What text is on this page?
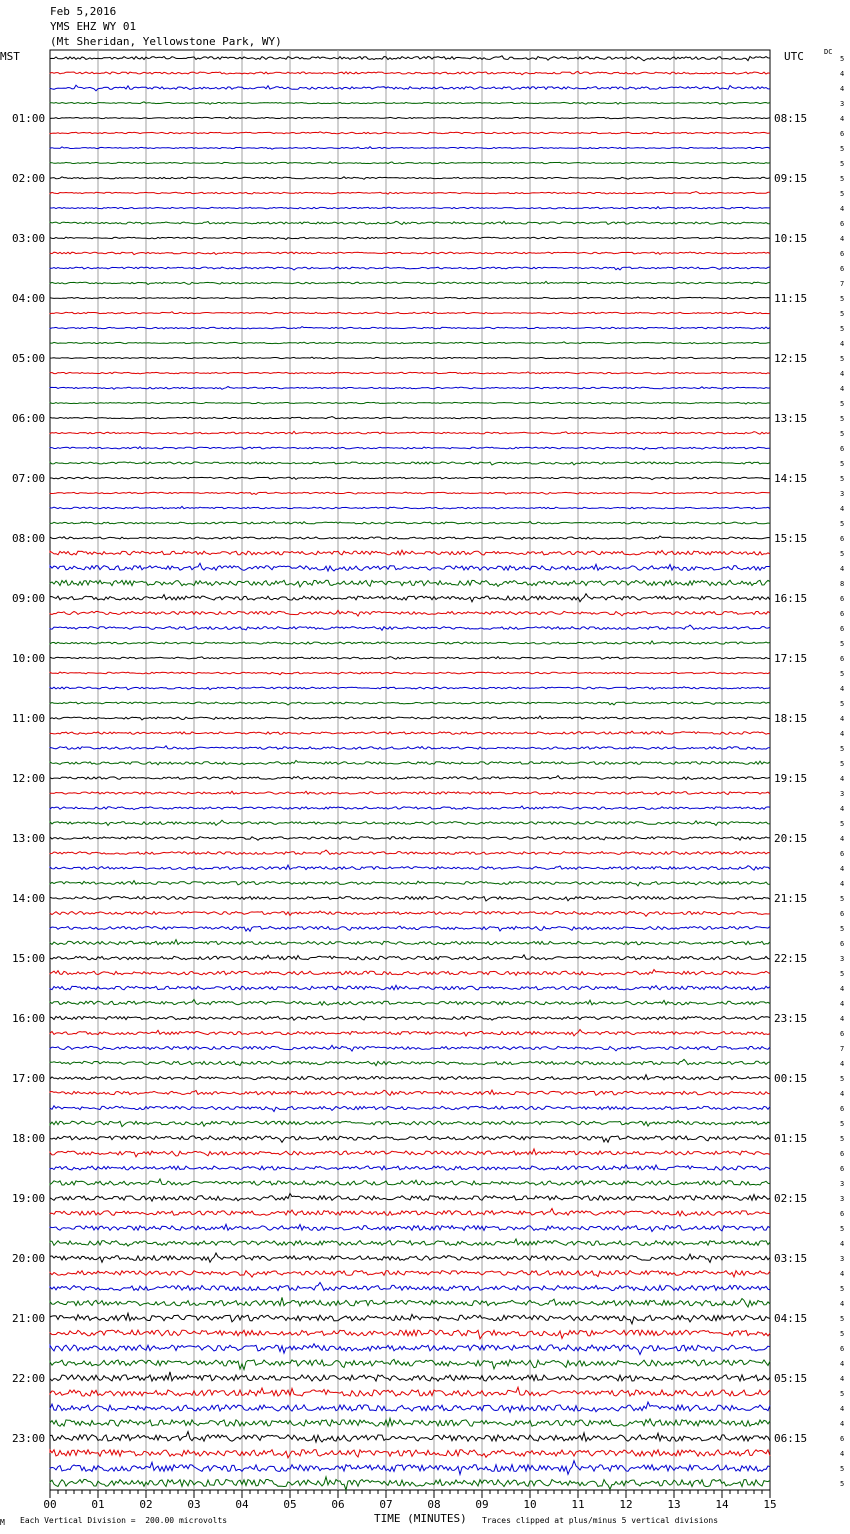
Feb 5,2016
YMS EHZ WY 01
(Mt Sheridan, Yellowstone Park, WY)
MST	UTC	DC
00	01	02	03	04	05	06	07	08	09	10	11	12	13	14	15
5
4
4
3
4
6
5
5
5
5
4
6
4
6
6
7
5
5
5
4
5
4
4
5
5
5
6
5
5
3
4
5
6
5
4
8
6
6
6
5
6
5
4
5
4
4
5
5
4
3
4
5
4
6
4
4
5
6
5
6
3
5
4
4
4
6
7
4
5
4
6
5
5
6
6
3
3
6
5
4
3
4
5
4
5
5
6
4
4
5
4
4
6
4
5
5
01:00	08:15
02:00	09:15
03:00	10:15
04:00	11:15
05:00	12:15
06:00	13:15
07:00	14:15
08:00	15:15
09:00	16:15
10:00	17:15
11:00	18:15
12:00	19:15
13:00	20:15
14:00	21:15
15:00	22:15
16:00	23:15
17:00	00:15
18:00	01:15
19:00	02:15
20:00	03:15
21:00	04:15
22:00	05:15
23:00	06:15
M Each Vertical Division =  200.00 microvolts	TIME (MINUTES) Traces clipped at plus/minus 5 vertical divisions
